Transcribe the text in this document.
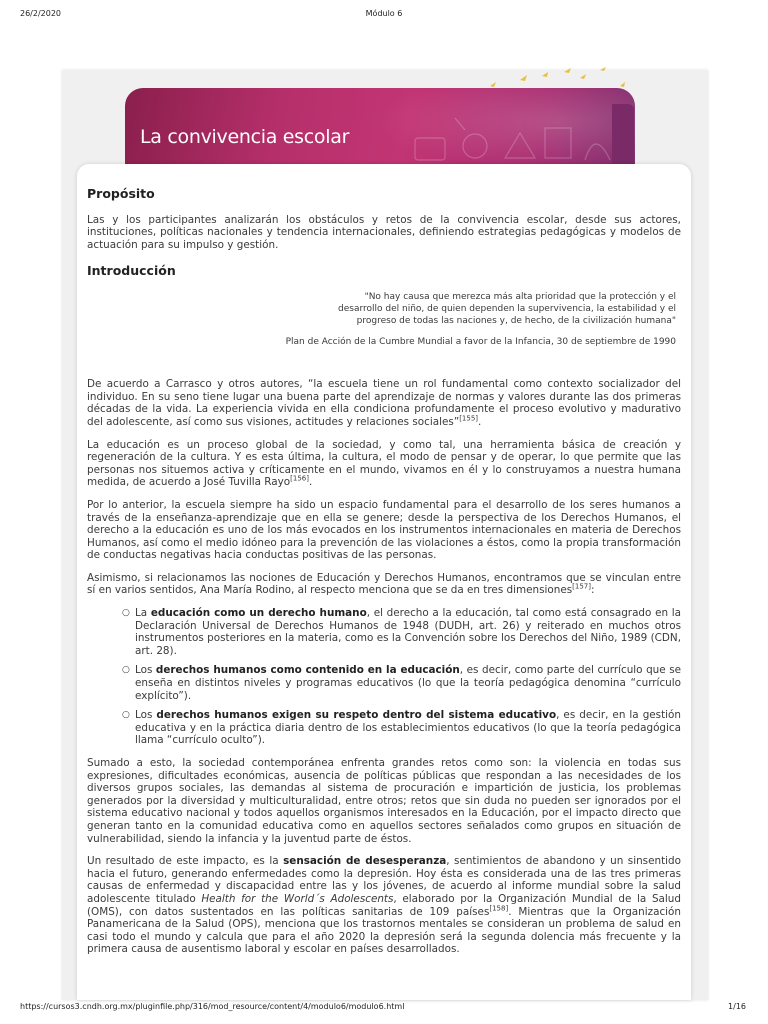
26/2/2020	Módulo 6
La convivencia escolar
Propósito

Las y los participantes analizarán los obstáculos y retos de la convivencia escolar, desde sus actores, instituciones, políticas nacionales y tendencia internacionales, definiendo estrategias pedagógicas y modelos de actuación para su impulso y gestión.

Introducción
"No hay causa que merezca más alta prioridad que la protección y el
desarrollo del niño, de quien dependen la supervivencia, la estabilidad y el
progreso de todas las naciones y, de hecho, de la civilización humana"
Plan de Acción de la Cumbre Mundial a favor de la Infancia, 30 de septiembre de 1990

De acuerdo a Carrasco y otros autores, “la escuela tiene un rol fundamental como contexto socializador del individuo. En su seno tiene lugar una buena parte del aprendizaje de normas y valores durante las dos primeras décadas de la vida. La experiencia vivida en ella condiciona profundamente el proceso evolutivo y madurativo del adolescente, así como sus visiones, actitudes y relaciones sociales”[155].

La educación es un proceso global de la sociedad, y como tal, una herramienta básica de creación y regeneración de la cultura. Y es esta última, la cultura, el modo de pensar y de operar, lo que permite que las personas nos situemos activa y críticamente en el mundo, vivamos en él y lo construyamos a nuestra humana medida, de acuerdo a José Tuvilla Rayo[156].

Por lo anterior, la escuela siempre ha sido un espacio fundamental para el desarrollo de los seres humanos a través de la enseñanza-aprendizaje que en ella se genere; desde la perspectiva de los Derechos Humanos, el derecho a la educación es uno de los más evocados en los instrumentos internacionales en materia de Derechos Humanos, así como el medio idóneo para la prevención de las violaciones a éstos, como la propia transformación de conductas negativas hacia conductas positivas de las personas.

Asimismo, si relacionamos las nociones de Educación y Derechos Humanos, encontramos que se vinculan entre sí en varios sentidos, Ana María Rodino, al respecto menciona que se da en tres dimensiones[157]:

○ La educación como un derecho humano, el derecho a la educación, tal como está consagrado en la Declaración Universal de Derechos Humanos de 1948 (DUDH, art. 26) y reiterado en muchos otros instrumentos posteriores en la materia, como es la Convención sobre los Derechos del Niño, 1989 (CDN, art. 28).
○ Los derechos humanos como contenido en la educación, es decir, como parte del currículo que se enseña en distintos niveles y programas educativos (lo que la teoría pedagógica denomina “currículo explícito”).
○ Los derechos humanos exigen su respeto dentro del sistema educativo, es decir, en la gestión educativa y en la práctica diaria dentro de los establecimientos educativos (lo que la teoría pedagógica llama “currículo oculto”).

Sumado a esto, la sociedad contemporánea enfrenta grandes retos como son: la violencia en todas sus expresiones, dificultades económicas, ausencia de políticas públicas que respondan a las necesidades de los diversos grupos sociales, las demandas al sistema de procuración e impartición de justicia, los problemas generados por la diversidad y multiculturalidad, entre otros; retos que sin duda no pueden ser ignorados por el sistema educativo nacional y todos aquellos organismos interesados en la Educación, por el impacto directo que generan tanto en la comunidad educativa como en aquellos sectores señalados como grupos en situación de vulnerabilidad, siendo la infancia y la juventud parte de éstos.

Un resultado de este impacto, es la sensación de desesperanza, sentimientos de abandono y un sinsentido hacia el futuro, generando enfermedades como la depresión. Hoy ésta es considerada una de las tres primeras causas de enfermedad y discapacidad entre las y los jóvenes, de acuerdo al informe mundial sobre la salud adolescente titulado Health for the World´s Adolescents, elaborado por la Organización Mundial de la Salud (OMS), con datos sustentados en las políticas sanitarias de 109 países[158]. Mientras que la Organización Panamericana de la Salud (OPS), menciona que los trastornos mentales se consideran un problema de salud en casi todo el mundo y calcula que para el año 2020 la depresión será la segunda dolencia más frecuente y la primera causa de ausentismo laboral y escolar en países desarrollados.

https://cursos3.cndh.org.mx/pluginfile.php/316/mod_resource/content/4/modulo6/modulo6.html	1/16
